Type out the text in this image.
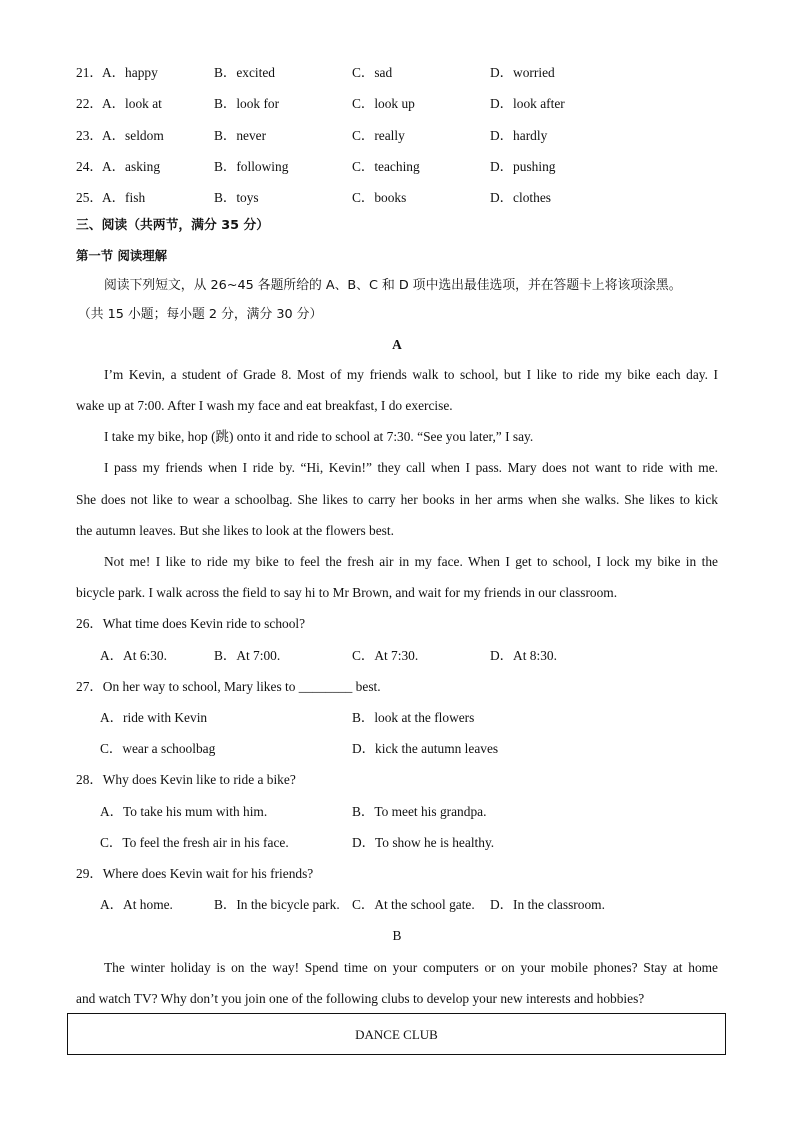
21． A．happy	B．excited	C．sad	D．worried
22． A．look at	B．look for	C．look up	D．look after
23． A．seldom	B．never	C．really	D．hardly
24． A．asking	B．following	C．teaching	D．pushing
25． A．fish	B．toys	C．books	D．clothes
三、阅读（共两节，满分 35 分）
第一节 阅读理解
阅读下列短文，从 26~45 各题所给的 A、B、C 和 D 项中选出最佳选项，并在答题卡上将该项涂黑。
（共 15 小题；每小题 2 分，满分 30 分）
A
I’m Kevin, a student of Grade 8. Most of my friends walk to school, but I like to ride my bike each day. I
wake up at 7:00. After I wash my face and eat breakfast, I do exercise.
I take my bike, hop (跳) onto it and ride to school at 7:30. “See you later,” I say.
I pass my friends when I ride by. “Hi, Kevin!” they call when I pass. Mary does not want to ride with me.
She does not like to wear a schoolbag. She likes to carry her books in her arms when she walks. She likes to kick
the autumn leaves. But she likes to look at the flowers best.
Not me! I like to ride my bike to feel the fresh air in my face. When I get to school, I lock my bike in the
bicycle park. I walk across the field to say hi to Mr Brown, and wait for my friends in our classroom.
26．What time does Kevin ride to school?
A．At 6:30.	B．At 7:00.	C．At 7:30.	D．At 8:30.
27．On her way to school, Mary likes to ________ best.
A．ride with Kevin	B．look at the flowers
C．wear a schoolbag	D．kick the autumn leaves
28．Why does Kevin like to ride a bike?
A．To take his mum with him.	B．To meet his grandpa.
C．To feel the fresh air in his face.	D．To show he is healthy.
29．Where does Kevin wait for his friends?
A．At home.	B．In the bicycle park. C．At the school gate. D．In the classroom.
B
The winter holiday is on the way! Spend time on your computers or on your mobile phones? Stay at home
and watch TV? Why don’t you join one of the following clubs to develop your new interests and hobbies?
DANCE CLUB
